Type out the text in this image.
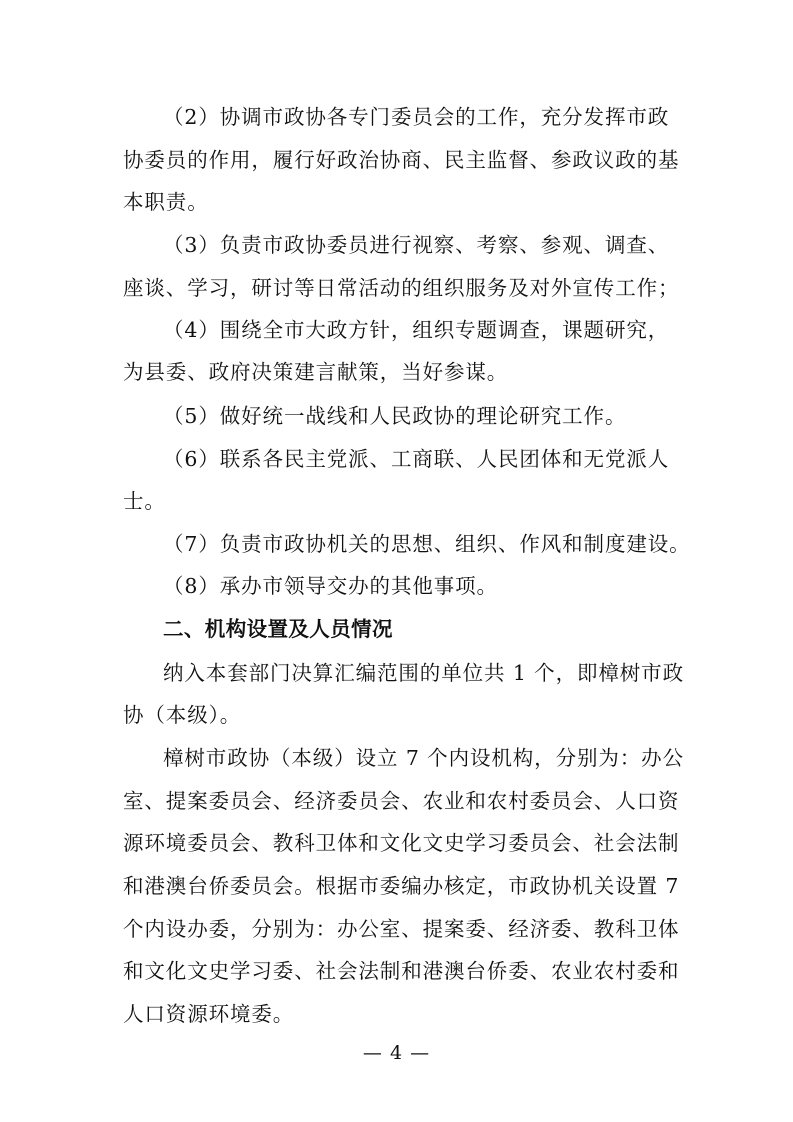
（2）协调市政协各专门委员会的工作，充分发挥市政
协委员的作用，履行好政治协商、民主监督、参政议政的基
本职责。
（3）负责市政协委员进行视察、考察、参观、调查、
座谈、学习，研讨等日常活动的组织服务及对外宣传工作；
（4）围绕全市大政方针，组织专题调查，课题研究，
为县委、政府决策建言献策，当好参谋。
（5）做好统一战线和人民政协的理论研究工作。
（6）联系各民主党派、工商联、人民团体和无党派人
士。
（7）负责市政协机关的思想、组织、作风和制度建设。
（8）承办市领导交办的其他事项。
二、机构设置及人员情况
纳入本套部门决算汇编范围的单位共 1 个，即樟树市政
协（本级）。
樟树市政协（本级）设立 7 个内设机构，分别为：办公
室、提案委员会、经济委员会、农业和农村委员会、人口资
源环境委员会、教科卫体和文化文史学习委员会、社会法制
和港澳台侨委员会。根据市委编办核定，市政协机关设置 7
个内设办委，分别为：办公室、提案委、经济委、教科卫体
和文化文史学习委、社会法制和港澳台侨委、农业农村委和
人口资源环境委。
— 4 —
